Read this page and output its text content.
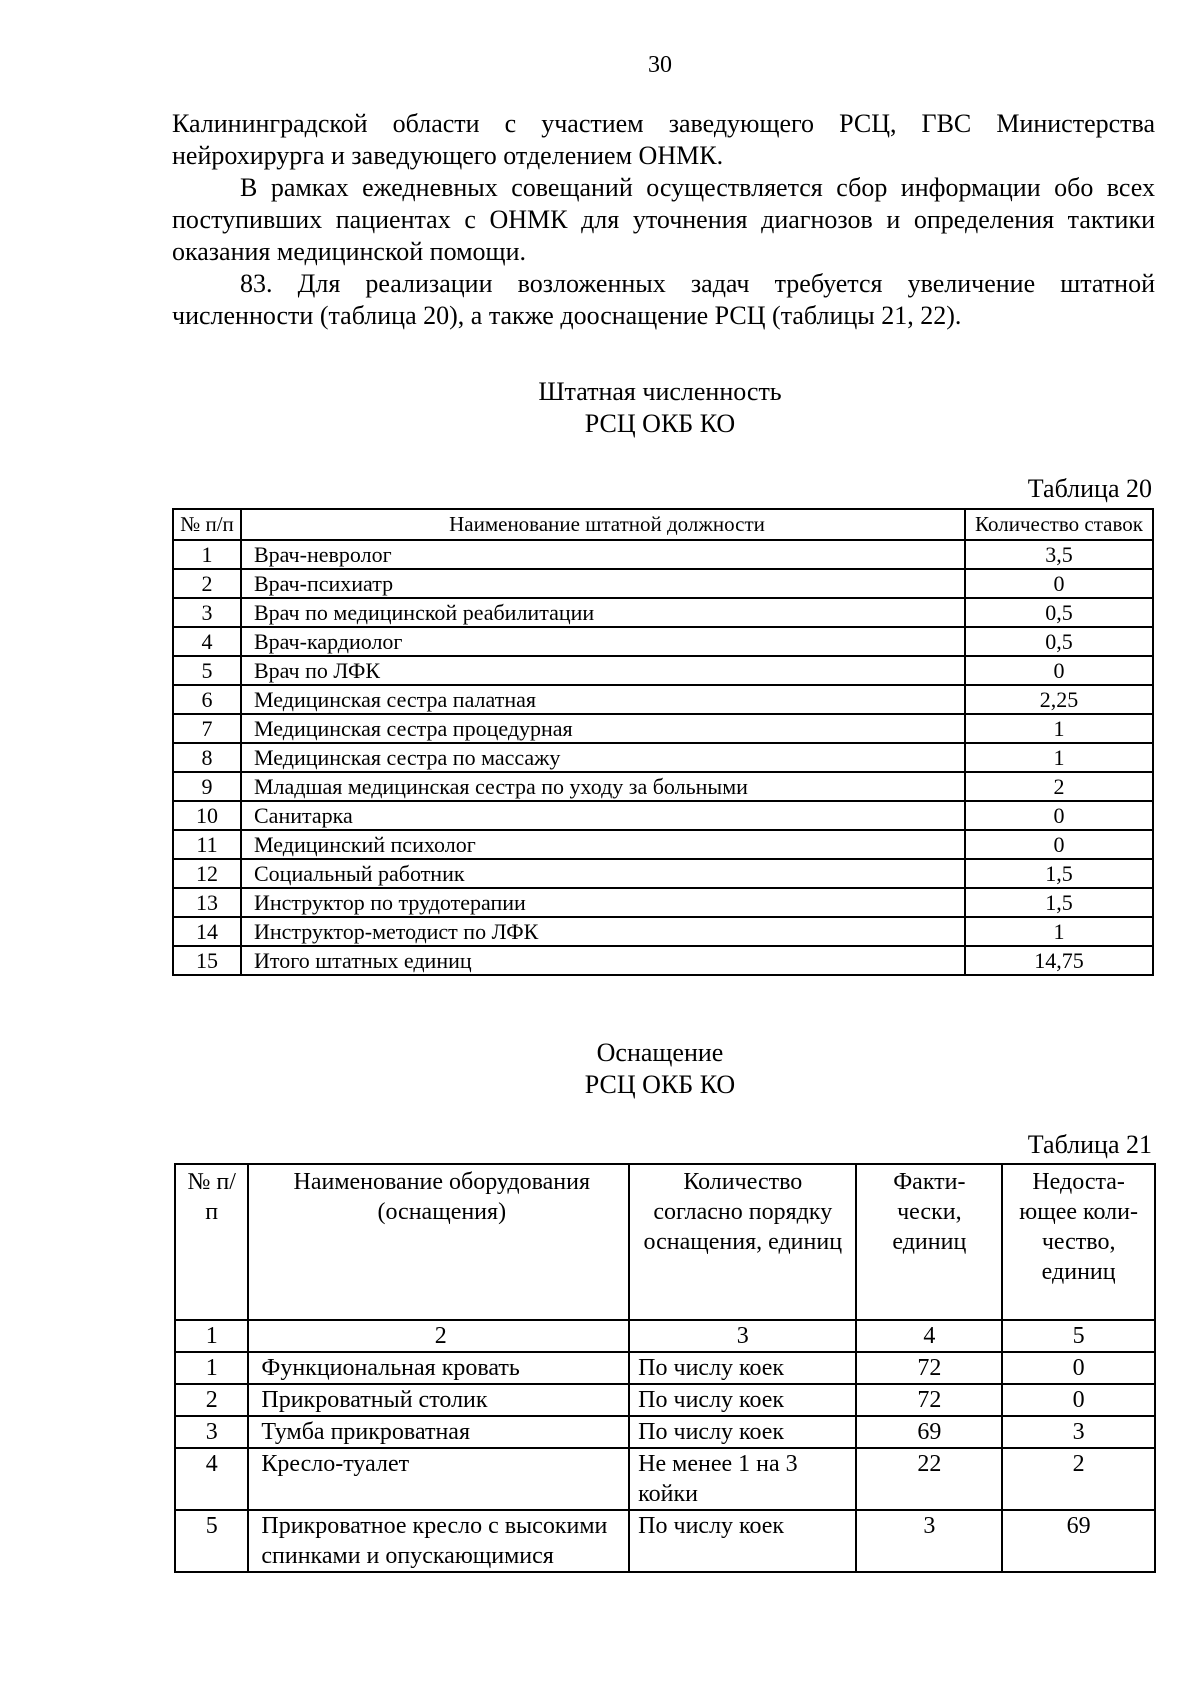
30

Калининградской области с участием заведующего РСЦ, ГВС Министерства нейрохирурга и заведующего отделением ОНМК.

В рамках ежедневных совещаний осуществляется сбор информации обо всех поступивших пациентах с ОНМК для уточнения диагнозов и определения тактики оказания медицинской помощи.

83. Для реализации возложенных задач требуется увеличение штатной численности (таблица 20), а также дооснащение РСЦ (таблицы 21, 22).

Штатная численность
РСЦ ОКБ КО
Таблица 20
№ п/п	Наименование штатной должности	Количество ставок
1	Врач-невролог	3,5
2	Врач-психиатр	0
3	Врач по медицинской реабилитации	0,5
4	Врач-кардиолог	0,5
5	Врач по ЛФК	0
6	Медицинская сестра палатная	2,25
7	Медицинская сестра процедурная	1
8	Медицинская сестра по массажу	1
9	Младшая медицинская сестра по уходу за больными	2
10	Санитарка	0
11	Медицинский психолог	0
12	Социальный работник	1,5
13	Инструктор по трудотерапии	1,5
14	Инструктор-методист по ЛФК	1
15	Итого штатных единиц	14,75
Оснащение
РСЦ ОКБ КО
Таблица 21
№ п/п	Наименование оборудования (оснащения)	Количество согласно порядку оснащения, единиц	Факти- чески, единиц	Недоста- ющее коли- чество, единиц
1	2	3	4	5
1	Функциональная кровать	По числу коек	72	0
2	Прикроватный столик	По числу коек	72	0
3	Тумба прикроватная	По числу коек	69	3
4	Кресло-туалет	Не менее 1 на 3 койки	22	2
5	Прикроватное кресло с высокими спинками и опускающимися	По числу коек	3	69
